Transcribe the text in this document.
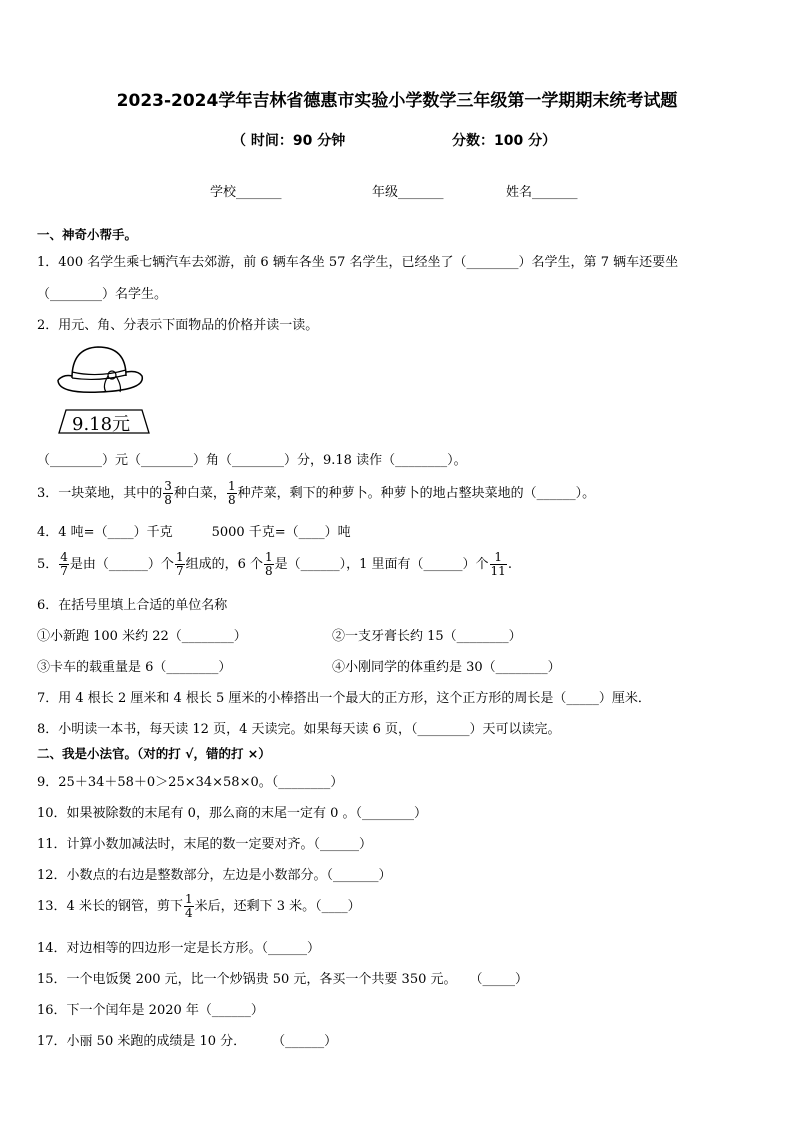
2023-2024学年吉林省德惠市实验小学数学三年级第一学期期末统考试题
（ 时间：90 分钟	分数：100 分）
学校_______	年级_______	姓名_______
一、神奇小帮手。
1．400 名学生乘七辆汽车去郊游，前 6 辆车各坐 57 名学生，已经坐了（________）名学生，第 7 辆车还要坐
（________）名学生。
2．用元、角、分表示下面物品的价格并读一读。
9.18元
（________）元（________）角（________）分，9.18 读作（________）。
3．一块菜地，其中的 $\frac{3}{8}$ 种白菜， $\frac{1}{8}$ 种芹菜，剩下的种萝卜。种萝卜的地占整块菜地的（______）。
4．4 吨=（____）千克　　　5000 千克=（____）吨
5． $\frac{4}{7}$ 是由（______）个 $\frac{1}{7}$ 组成的，6 个 $\frac{1}{8}$ 是（______），1 里面有（______）个 $\frac{1}{11}$ .
6．在括号里填上合适的单位名称
①小新跑 100 米约 22（________）	②一支牙膏长约 15（________）
③卡车的载重量是 6（________）	④小刚同学的体重约是 30（________）
7．用 4 根长 2 厘米和 4 根长 5 厘米的小棒搭出一个最大的正方形，这个正方形的周长是（_____）厘米．
8．小明读一本书，每天读 12 页，4 天读完。如果每天读 6 页，（________）天可以读完。
二、我是小法官。（对的打 √，错的打 ×）
9．25＋34＋58＋0＞25×34×58×0。（________）
10．如果被除数的末尾有 0，那么商的末尾一定有 0 。（________）
11．计算小数加减法时，末尾的数一定要对齐。（______）
12．小数点的右边是整数部分，左边是小数部分。（_______）
13．4 米长的钢管，剪下 $\frac{1}{4}$ 米后，还剩下 3 米。（____）
14．对边相等的四边形一定是长方形。（______）
15．一个电饭煲 200 元，比一个炒锅贵 50 元，各买一个共要 350 元。　　（_____）
16．下一个闰年是 2020 年（______）
17．小丽 50 米跑的成绩是 10 分．　　　（______）
